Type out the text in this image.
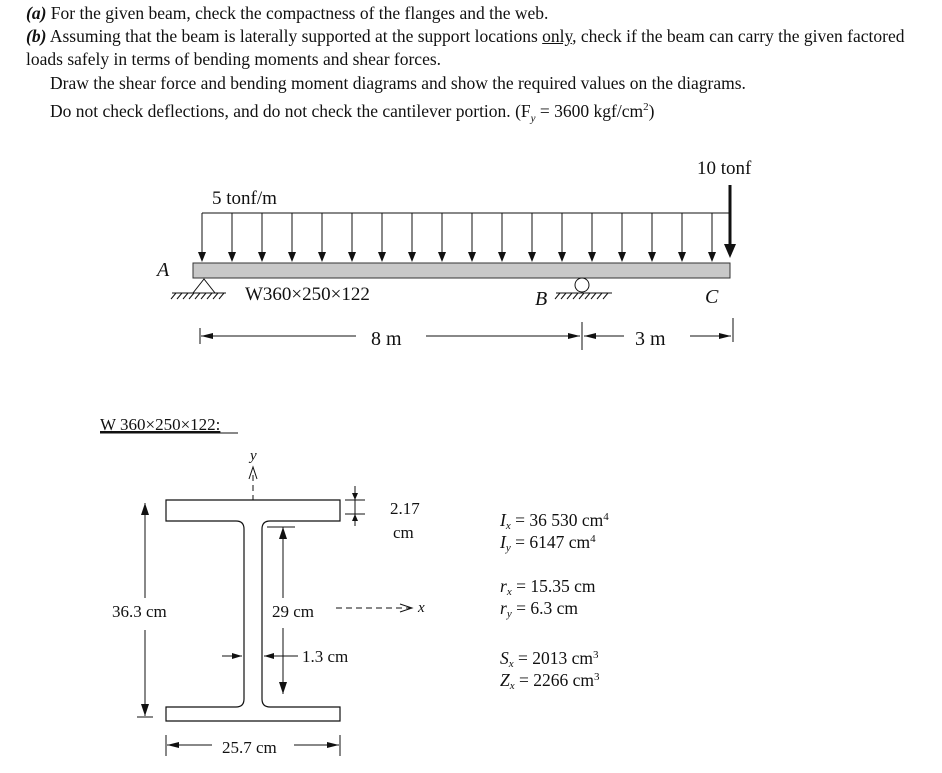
(a) For the given beam, check the compactness of the flanges and the web.
(b) Assuming that the beam is laterally supported at the support locations only, check if the beam can carry the given factored loads safely in terms of bending moments and shear forces.
Draw the shear force and bending moment diagrams and show the required values on the diagrams.
Do not check deflections, and do not check the cantilever portion. ($F_y = 3600$ kgf/$cm^2$)
5 tonf/m
10 tonf
A
W360×250×122	B	C
8 m	3 m
W 360×250×122:
y
2.17
cm
36.3 cm	29 cm	x
1.3 cm
25.7 cm
$I_x = 36$ 530 $cm^4$
$I_y = 6147$ $cm^4$
$r_x = 15.35$ cm
$r_y = 6.3$ cm
$S_x = 2013$ $cm^3$
$Z_x = 2266$ $cm^3$
